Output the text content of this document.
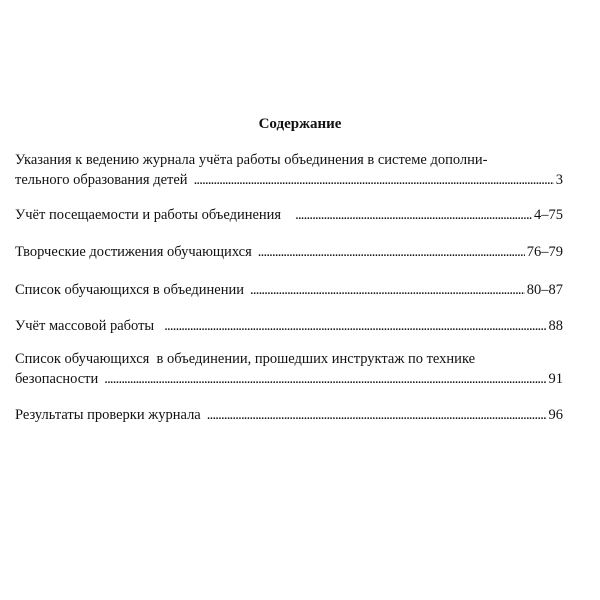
Содержание
Указания к ведению журнала учёта работы объединения в системе дополни-
тельного образования детей . . .	3
Учёт посещаемости и работы объединения . . .	4–75
Творческие достижения обучающихся . . .	76–79
Список обучающихся в объединении . . .	80–87
Учёт массовой работы . . .	88
Список обучающихся  в объединении, прошедших инструктаж по технике
безопасности . . .	91
Результаты проверки журнала . . .	96
